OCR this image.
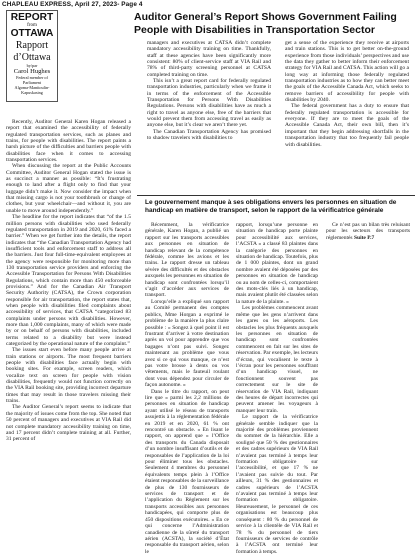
CHAPLEAU EXPRESS, April 27, 2023- Page 4
REPORT
from
OTTAWA
Rapport
d’Ottawa
by/par
Carol Hughes
Federal member of Parliament
Algoma-Manitoulin-Kapuskasing
Auditor General’s Report Shows Government Failing People with Disabilities in Transportation Sector

Recently, Auditor General Karen Hogan released a report that examined the accessibility of federally regulated transportation services, such as planes and trains, for people with disabilities. The report paints a harsh picture of the difficulties and barriers people with disabilities face when it comes to accessing transportation services.

When discussing the report at the Public Accounts Committee, Auditor General Hogan stated the issue is as succinct a manner as possible: “It’s frustrating enough to land after a flight only to find that your luggage didn’t make it. Now consider the impact when that missing cargo is not your toothbrush or change of clothes, but your wheelchair—and without it, you are unable to move around independently.”

The headline for the report indicates that “of the 1.5 million persons with disabilities who used federally regulated transportation in 2019 and 2020, 61% faced a barrier.” When we get further into the details, the report indicates that “the Canadian Transportation Agency had insufficient tools and enforcement staff to address all the barriers. Just four full-time-equivalent employees at the agency were responsible for monitoring more than 130 transportation service providers and enforcing the Accessible Transportation for Persons With Disabilities Regulations, which contain more than 450 enforceable provisions.” And for the Canadian Air Transport Security Authority (CATSA), the Crown corporation responsible for air transportation, the report states that, when people with disabilities filed complaints about accessibility of services, that CATSA “categorized 83 complaints under persons with disabilities. However, more than 1,000 complaints, many of which were made by or on behalf of persons with disabilities, included terms related to a disability but were instead categorized by the operational nature of the complaint.”

The issues start even before many people arrive at train stations or airports. The most frequent barriers people with disabilities face actually begin with booking sites. For example, screen readers, which vocalize text on screen for people with vision disabilities, frequently would not function correctly on the VIA Rail booking site, providing incorrect departure times that may result in those travelers missing their trains.

The Auditor General’s report seems to indicate that the majority of issues come from the top. She noted that 50 percent of managers and executives at VIA Rail did not complete mandatory accessibility training on time, and 17 percent didn’t complete training at all. Further, 31 percent of

managers and executives at CATSA didn’t complete mandatory accessibility training on time. Thankfully, staff at these agencies have been significantly more consistent: 80% of client-service staff at VIA Rail and 78% of third-party screening personnel at CATSA completed training on time.

This isn’t a great report card for federally regulated transportation industries, particularly when we frame it in terms of the enforcement of the Accessible Transportation for Persons With Disabilities Regulations. Persons with disabilities have as much a right to travel as anyone else, free of the barriers that would prevent them from accessing travel as easily as anyone else, but it’s clear we aren’t there yet.

The Canadian Transportation Agency has promised to shadow travelers with disabilities to

get a sense of the experience they receive at airports and train stations. This is to get better on-the-ground experience from those individuals’ perspectives and use the data they gather to better inform their enforcement strategy for VIA Rail and CATSA. This action will go a long way at informing those federally regulated transportation industries as to how they can better meet the goals of the Accessible Canada Act, which seeks to remove barriers of accessibility for people with disabilities by 2040.

The federal government has a duty to ensure that federally regulated transportation is accessible for everyone. If they are to meet the goals of the Accessible Canada Act, their own bill, then it’s important that they begin addressing shortfalls in the transportation industry that too frequently fail people with disabilities.

Le gouvernement manque à ses obligations envers les personnes en situation de handicap en matière de transport, selon le rapport de la vérificatrice générale

Récemment, la vérificatrice générale, Karen Hogan, a publié un rapport sur les transports accessibles aux personnes en situation de handicap relevant de la compétence fédérale, comme les avions et les trains. Le rapport dresse un tableau sévère des difficultés et des obstacles auxquels les personnes en situation de handicap sont confrontées lorsqu’il s’agit d’accéder aux services de transport.

Lorsqu’elle a expliqué son rapport au Comité permanent des comptes publics, Mme Horgan a exprimé le problème de la manière la plus claire possible : « Songez à quel point il est frustrant d’arriver à votre destination après un vol pour apprendre que vos bagages n’ont pas suivi. Songez maintenant au problème que vous avez si ce qui vous manque, ce n’est pas votre brosse à dents ou vos vêtements, mais le fauteuil roulant dont vous dépendez pour circuler de façon autonome. »

Dans le titre du rapport, on peut lire que « parmi les 2,2 millions de personnes en situation de handicap ayant utilisé le réseau de transports assujettis à la réglementation fédérale en 2019 et en 2020, 61 % ont rencontré un obstacle. » En lisant le rapport, on apprend que « l’Office des transports du Canada disposait d’un nombre insuffisant d’outils et de responsables de l’application de la loi pour éliminer tous les obstacles. Seulement 4 membres du personnel équivalents temps plein à l’Office étaient responsables de la surveillance de plus de 130 fournisseurs de services de transport et de l’application du Règlement sur les transports accessibles aux personnes handicapées, qui comporte plus de 450 dispositions exécutoires. » En ce qui concerne l’Administration canadienne de la sûreté du transport aérien (ACSTA), la société d’État responsable du transport aérien, selon le

rapport, lorsqu’une personne en situation de handicap porte plainte pour accessibilité aux services, l’ACSTA « a classé 83 plaintes dans la catégorie des personnes en situation de handicap. Toutefois, plus de 1 000 plaintes, dont un grand nombre avaient été déposées par des personnes en situation de handicap ou au nom de celles-ci, comportaient des mots-clés liés à un handicap, mais avaient plutôt été classées selon la nature de la plainte. »

Les problèmes commencent avant même que les gens n’arrivent dans les gares ou les aéroports. Les obstacles les plus fréquents auxquels les personnes en situation de handicap sont confrontées commencent en fait sur les sites de réservation. Par exemple, les lecteurs d’écran, qui vocalisent le texte à l’écran pour les personnes souffrant d’un handicap visuel, ne fonctionnent souvent pas correctement sur le site de réservation de VIA Rail, indiquant des heures de départ incorrectes qui peuvent amener les voyageurs à manquer leur train.

Le rapport de la vérificatrice générale semble indiquer que la majorité des problèmes proviennent du sommet de la hiérarchie. Elle a souligné que 50 % des gestionnaires et des cadres supérieurs de VIA Rail n’avaient pas terminé à temps leur formation obligatoire sur l’accessibilité, et que 17 % ne l’avaient pas suivie du tout. Par ailleurs, 31 % des gestionnaires et cadres supérieurs de l’ACSTA n’avaient pas terminé à temps leur formation obligatoire. Heureusement, le personnel de ces organisations est beaucoup plus conséquent : 80 % du personnel de service à la clientèle de VIA Rail et 78 % du personnel de tiers fournisseurs de services de contrôle à l’ACSTA ont terminé leur formation à temps.

Ce n’est pas un bilan très reluisant pour les secteurs des transports réglementés Suite P.7
